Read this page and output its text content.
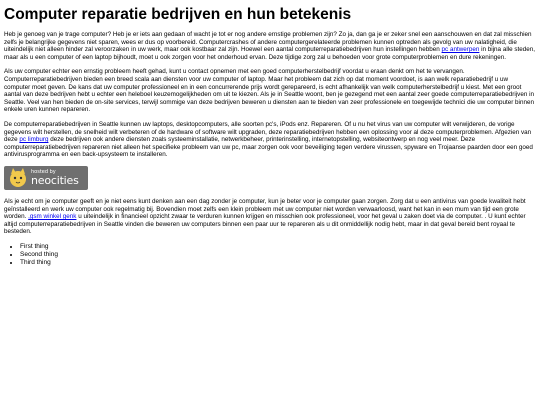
Computer reparatie bedrijven en hun betekenis

Heb je genoeg van je trage computer? Heb je er iets aan gedaan of wacht je tot er nog andere ernstige problemen zijn? Zo ja, dan ga je er zeker snel een aanschouwen en dat zal misschien zelfs je belangrijke gegevens niet sparen, wees er dus op voorbereid. Computercrashes of andere computergerelateerde problemen kunnen optreden als gevolg van uw nalatigheid, die uiteindelijk niet alleen hinder zal veroorzaken in uw werk, maar ook kostbaar zal zijn. Hoewel een aantal computerreparatiebedrijven hun instellingen hebben pc antwerpen in bijna alle steden, maar als u een computer of een laptop bijhoudt, moet u ook zorgen voor het onderhoud ervan. Deze tijdige zorg zal u behoeden voor grote computerproblemen en dure rekeningen.

Als uw computer echter een ernstig probleem heeft gehad, kunt u contact opnemen met een goed computerherstelbedrijf voordat u eraan denkt om het te vervangen. Computerreparatiebedrijven bieden een breed scala aan diensten voor uw computer of laptop. Maar het probleem dat zich op dat moment voordoet, is aan welk reparatiebedrijf u uw computer moet geven. De kans dat uw computer professioneel en in een concurrerende prijs wordt gerepareerd, is echt afhankelijk van welk computerherstelbedrijf u kiest. Met een groot aantal van deze bedrijven hebt u echter een heleboel keuzemogelijkheden om uit te kiezen. Als je in Seattle woont, ben je gezegend met een aantal zeer goede computerreparatiebedrijven in Seattle. Veel van hen bieden de on-site services, terwijl sommige van deze bedrijven beweren u diensten aan te bieden van zeer professionele en toegewijde technici die uw computer binnen enkele uren kunnen repareren.

De computerreparatiebedrijven in Seattle kunnen uw laptops, desktopcomputers, alle soorten pc's, iPods enz. Repareren. Of u nu het virus van uw computer wilt verwijderen, de vorige gegevens wilt herstellen, de snelheid wilt verbeteren of de hardware of software wilt upgraden, deze reparatiebedrijven hebben een oplossing voor al deze computerproblemen. Afgezien van deze pc limburg deze bedrijven ook andere diensten zoals systeeminstallatie, netwerkbeheer, printerinstelling, internetopstelling, websiteontwerp en nog veel meer. Deze computerreparatiebedrijven repareren niet alleen het specifieke probleem van uw pc, maar zorgen ook voor beveiliging tegen verdere virussen, spyware en Trojaanse paarden door een goed antivirusprogramma en een back-upsysteem te installeren.

hosted by
neocities

Als je echt om je computer geeft en je niet eens kunt denken aan een dag zonder je computer, kun je beter voor je computer gaan zorgen. Zorg dat u een antivirus van goede kwaliteit hebt geïnstalleerd en werk uw computer ook regelmatig bij. Bovendien moet zelfs een klein probleem met uw computer niet worden verwaarloosd, want het kan in een mum van tijd een grote worden. ,gsm winkel genk u uiteindelijk in financieel opzicht zwaar te verduren kunnen krijgen en misschien ook professioneel, voor het geval u zaken doet via de computer. . U kunt echter altijd computerreparatiebedrijven in Seattle vinden die beweren uw computers binnen een paar uur te repareren als u dit onmiddellijk nodig hebt, maar in dat geval bereid bent royaal te besteden.

• First thing
• Second thing
• Third thing
